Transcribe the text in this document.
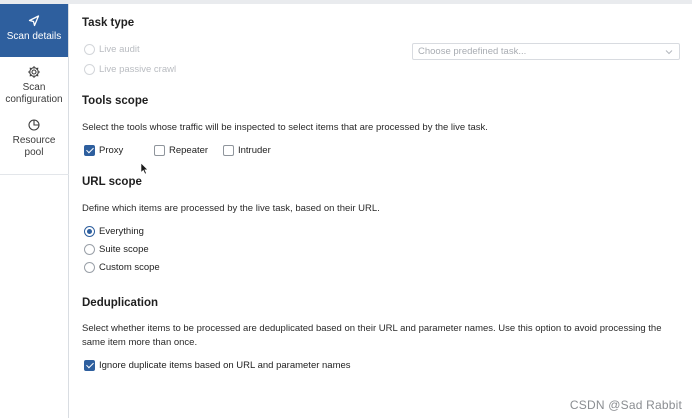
Scan details
Scan
configuration
Resource
pool
Task type
Live audit
Live passive crawl
Choose predefined task...
Tools scope

Select the tools whose traffic will be inspected to select items that are processed by the live task.

Proxy	Repeater	Intruder
URL scope

Define which items are processed by the live task, based on their URL.

Everything
Suite scope
Custom scope
Deduplication

Select whether items to be processed are deduplicated based on their URL and parameter names. Use this option to avoid processing the
same item more than once.

Ignore duplicate items based on URL and parameter names
CSDN @Sad Rabbit
